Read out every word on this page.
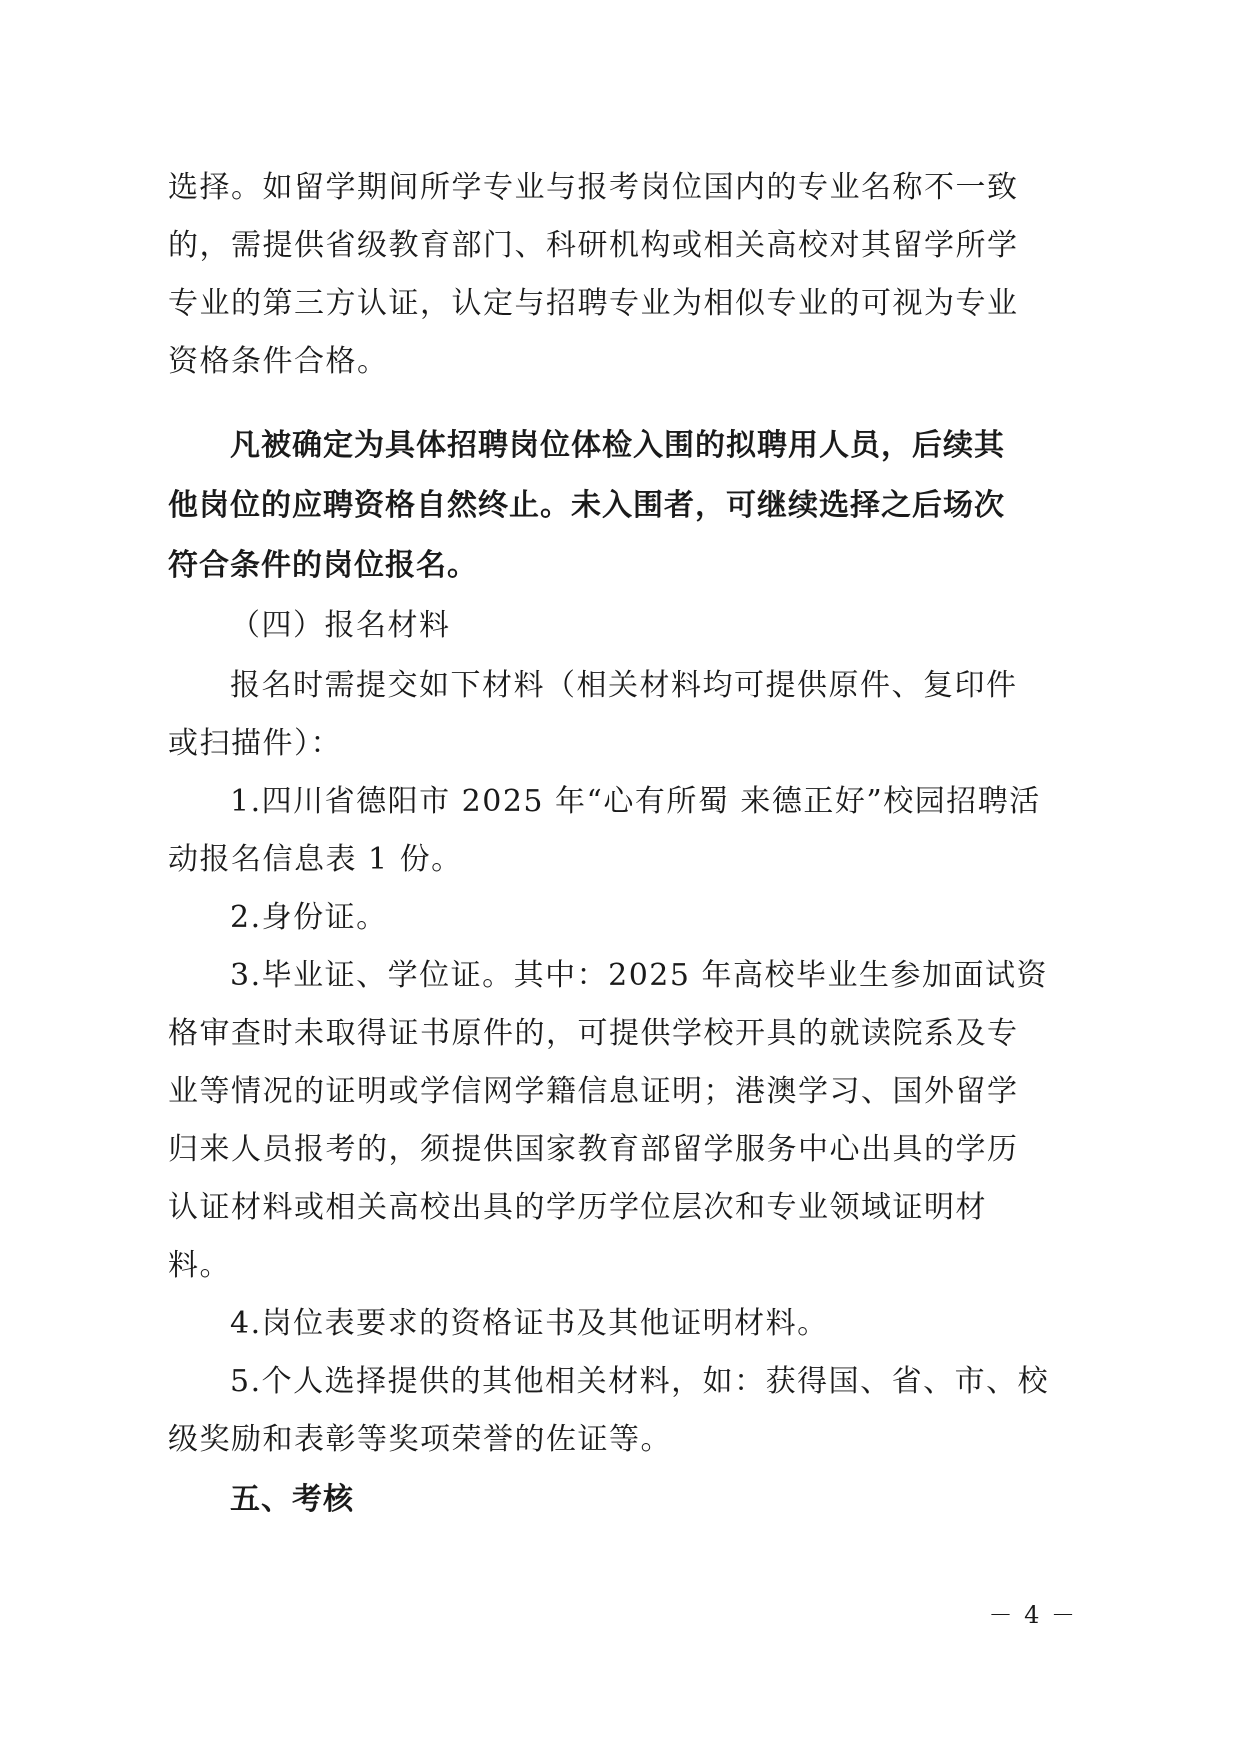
选择。如留学期间所学专业与报考岗位国内的专业名称不一致
的，需提供省级教育部门、科研机构或相关高校对其留学所学
专业的第三方认证，认定与招聘专业为相似专业的可视为专业
资格条件合格。
凡被确定为具体招聘岗位体检入围的拟聘用人员，后续其
他岗位的应聘资格自然终止。未入围者，可继续选择之后场次
符合条件的岗位报名。
（四）报名材料
报名时需提交如下材料（相关材料均可提供原件、复印件
或扫描件）：
1.四川省德阳市 2025 年“心有所蜀 来德正好”校园招聘活
动报名信息表 1 份。
2.身份证。
3.毕业证、学位证。其中：2025 年高校毕业生参加面试资
格审查时未取得证书原件的，可提供学校开具的就读院系及专
业等情况的证明或学信网学籍信息证明；港澳学习、国外留学
归来人员报考的，须提供国家教育部留学服务中心出具的学历
认证材料或相关高校出具的学历学位层次和专业领域证明材
料。
4.岗位表要求的资格证书及其他证明材料。
5.个人选择提供的其他相关材料，如：获得国、省、市、校
级奖励和表彰等奖项荣誉的佐证等。
五、考核
－ 4 －
